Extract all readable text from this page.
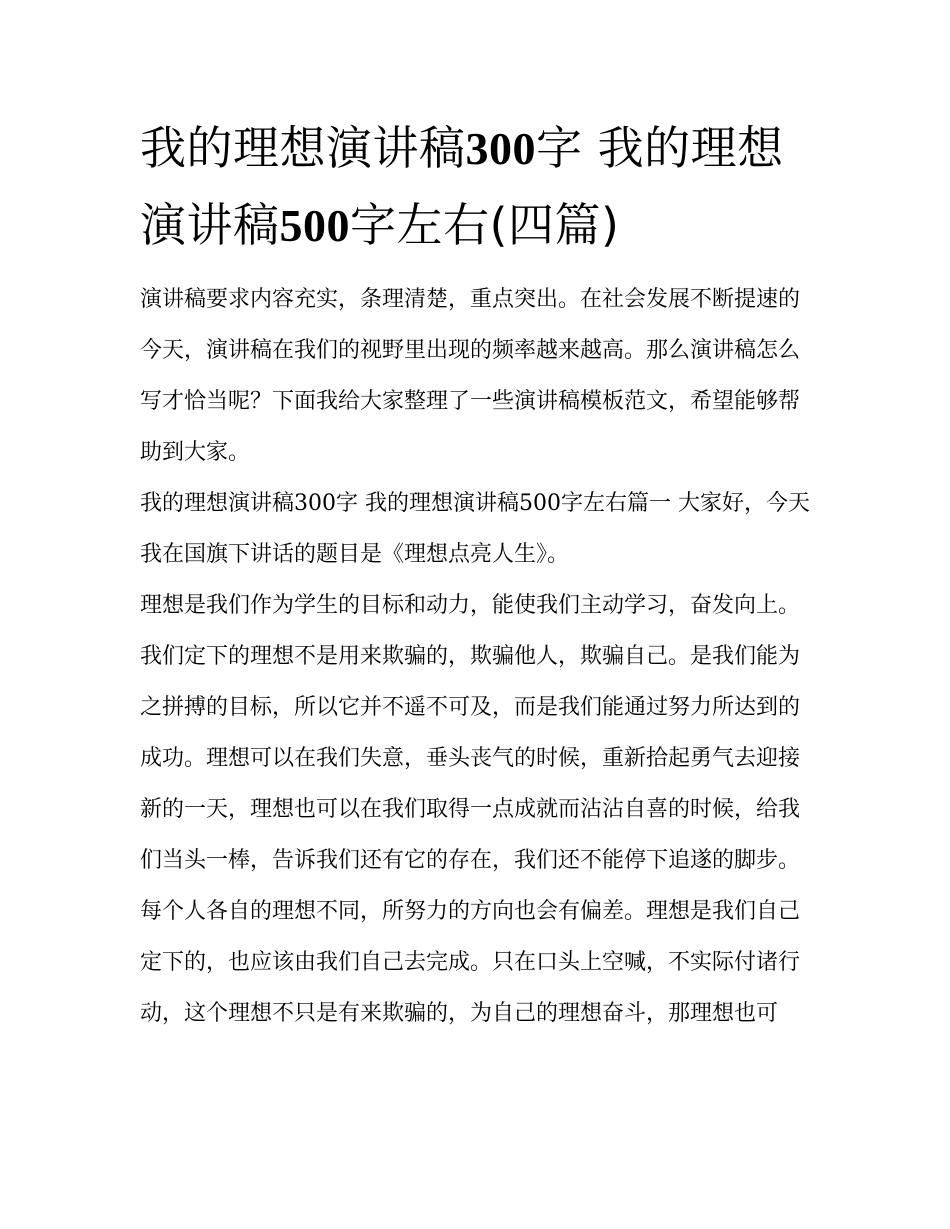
我的理想演讲稿300字 我的理想演讲稿500字左右(四篇)

演讲稿要求内容充实，条理清楚，重点突出。在社会发展不断提速的今天，演讲稿在我们的视野里出现的频率越来越高。那么演讲稿怎么写才恰当呢？下面我给大家整理了一些演讲稿模板范文，希望能够帮助到大家。

我的理想演讲稿300字 我的理想演讲稿500字左右篇一 大家好，今天我在国旗下讲话的题目是《理想点亮人生》。

理想是我们作为学生的目标和动力，能使我们主动学习，奋发向上。我们定下的理想不是用来欺骗的，欺骗他人，欺骗自己。是我们能为之拼搏的目标，所以它并不遥不可及，而是我们能通过努力所达到的成功。理想可以在我们失意，垂头丧气的时候，重新拾起勇气去迎接新的一天，理想也可以在我们取得一点成就而沾沾自喜的时候，给我们当头一棒，告诉我们还有它的存在，我们还不能停下追遂的脚步。每个人各自的理想不同，所努力的方向也会有偏差。理想是我们自己定下的，也应该由我们自己去完成。只在口头上空喊，不实际付诸行动，这个理想不只是有来欺骗的，为自己的理想奋斗，那理想也可
